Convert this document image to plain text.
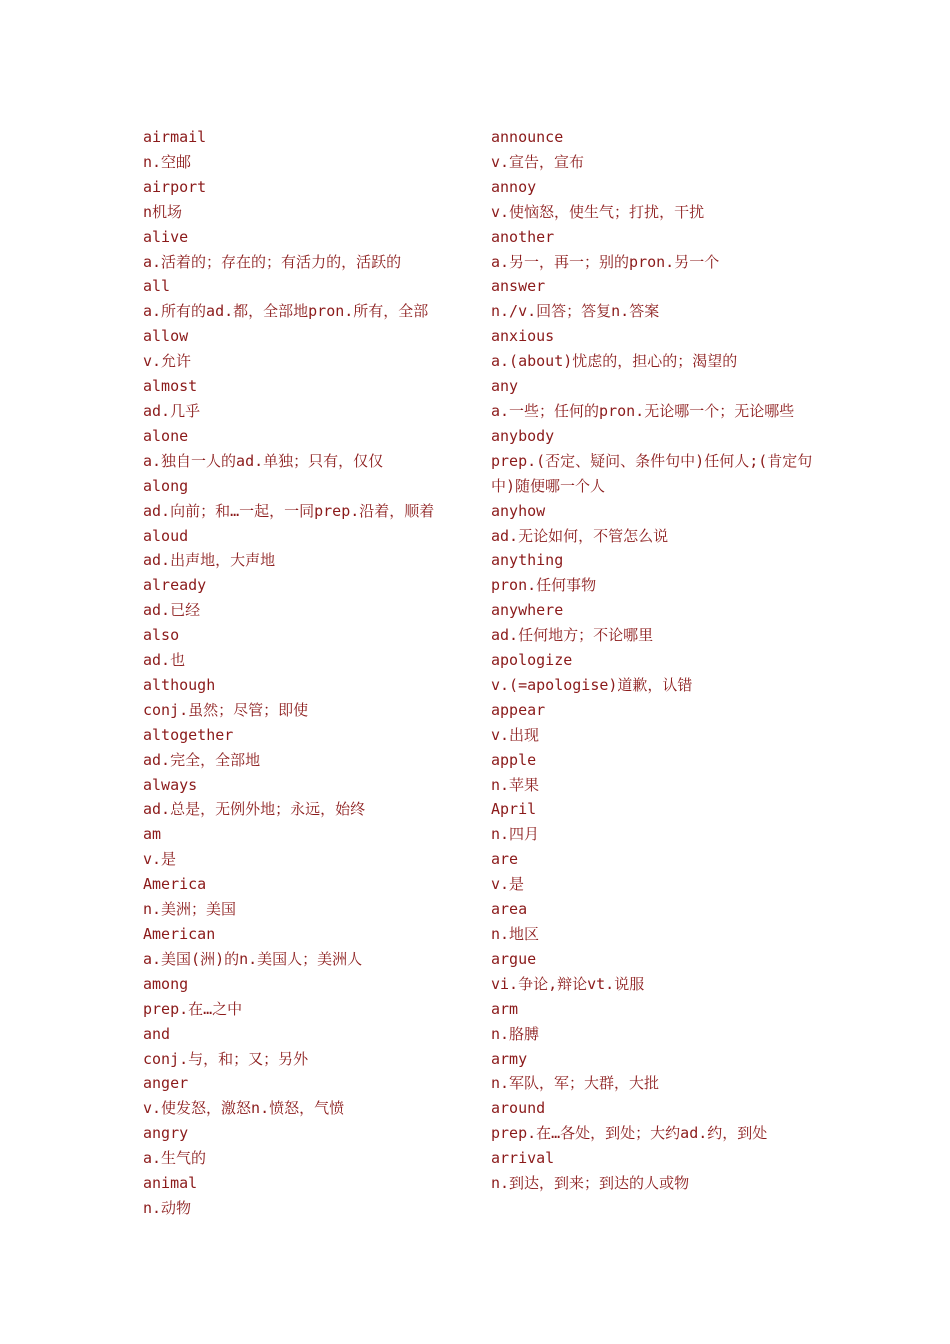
airmail
n.空邮
airport
n机场
alive
a.活着的；存在的；有活力的，活跃的
all
a.所有的ad.都，全部地pron.所有，全部
allow
v.允许
almost
ad.几乎
alone
a.独自一人的ad.单独；只有，仅仅
along
ad.向前；和…一起，一同prep.沿着，顺着
aloud
ad.出声地，大声地
already
ad.已经
also
ad.也
although
conj.虽然；尽管；即使
altogether
ad.完全，全部地
always
ad.总是，无例外地；永远，始终
am
v.是
America
n.美洲；美国
American
a.美国(洲)的n.美国人；美洲人
among
prep.在…之中
and
conj.与，和；又；另外
anger
v.使发怒，激怒n.愤怒，气愤
angry
a.生气的
animal
n.动物
announce
v.宣告，宣布
annoy
v.使恼怒，使生气；打扰，干扰
another
a.另一，再一；别的pron.另一个
answer
n./v.回答；答复n.答案
anxious
a.(about)忧虑的，担心的；渴望的
any
a.一些；任何的pron.无论哪一个；无论哪些
anybody
prep.(否定、疑问、条件句中)任何人;(肯定句中)随便哪一个人
anyhow
ad.无论如何，不管怎么说
anything
pron.任何事物
anywhere
ad.任何地方；不论哪里
apologize
v.(=apologise)道歉，认错
appear
v.出现
apple
n.苹果
April
n.四月
are
v.是
area
n.地区
argue
vi.争论,辩论vt.说服
arm
n.胳膊
army
n.军队，军；大群，大批
around
prep.在…各处，到处；大约ad.约，到处
arrival
n.到达，到来；到达的人或物
